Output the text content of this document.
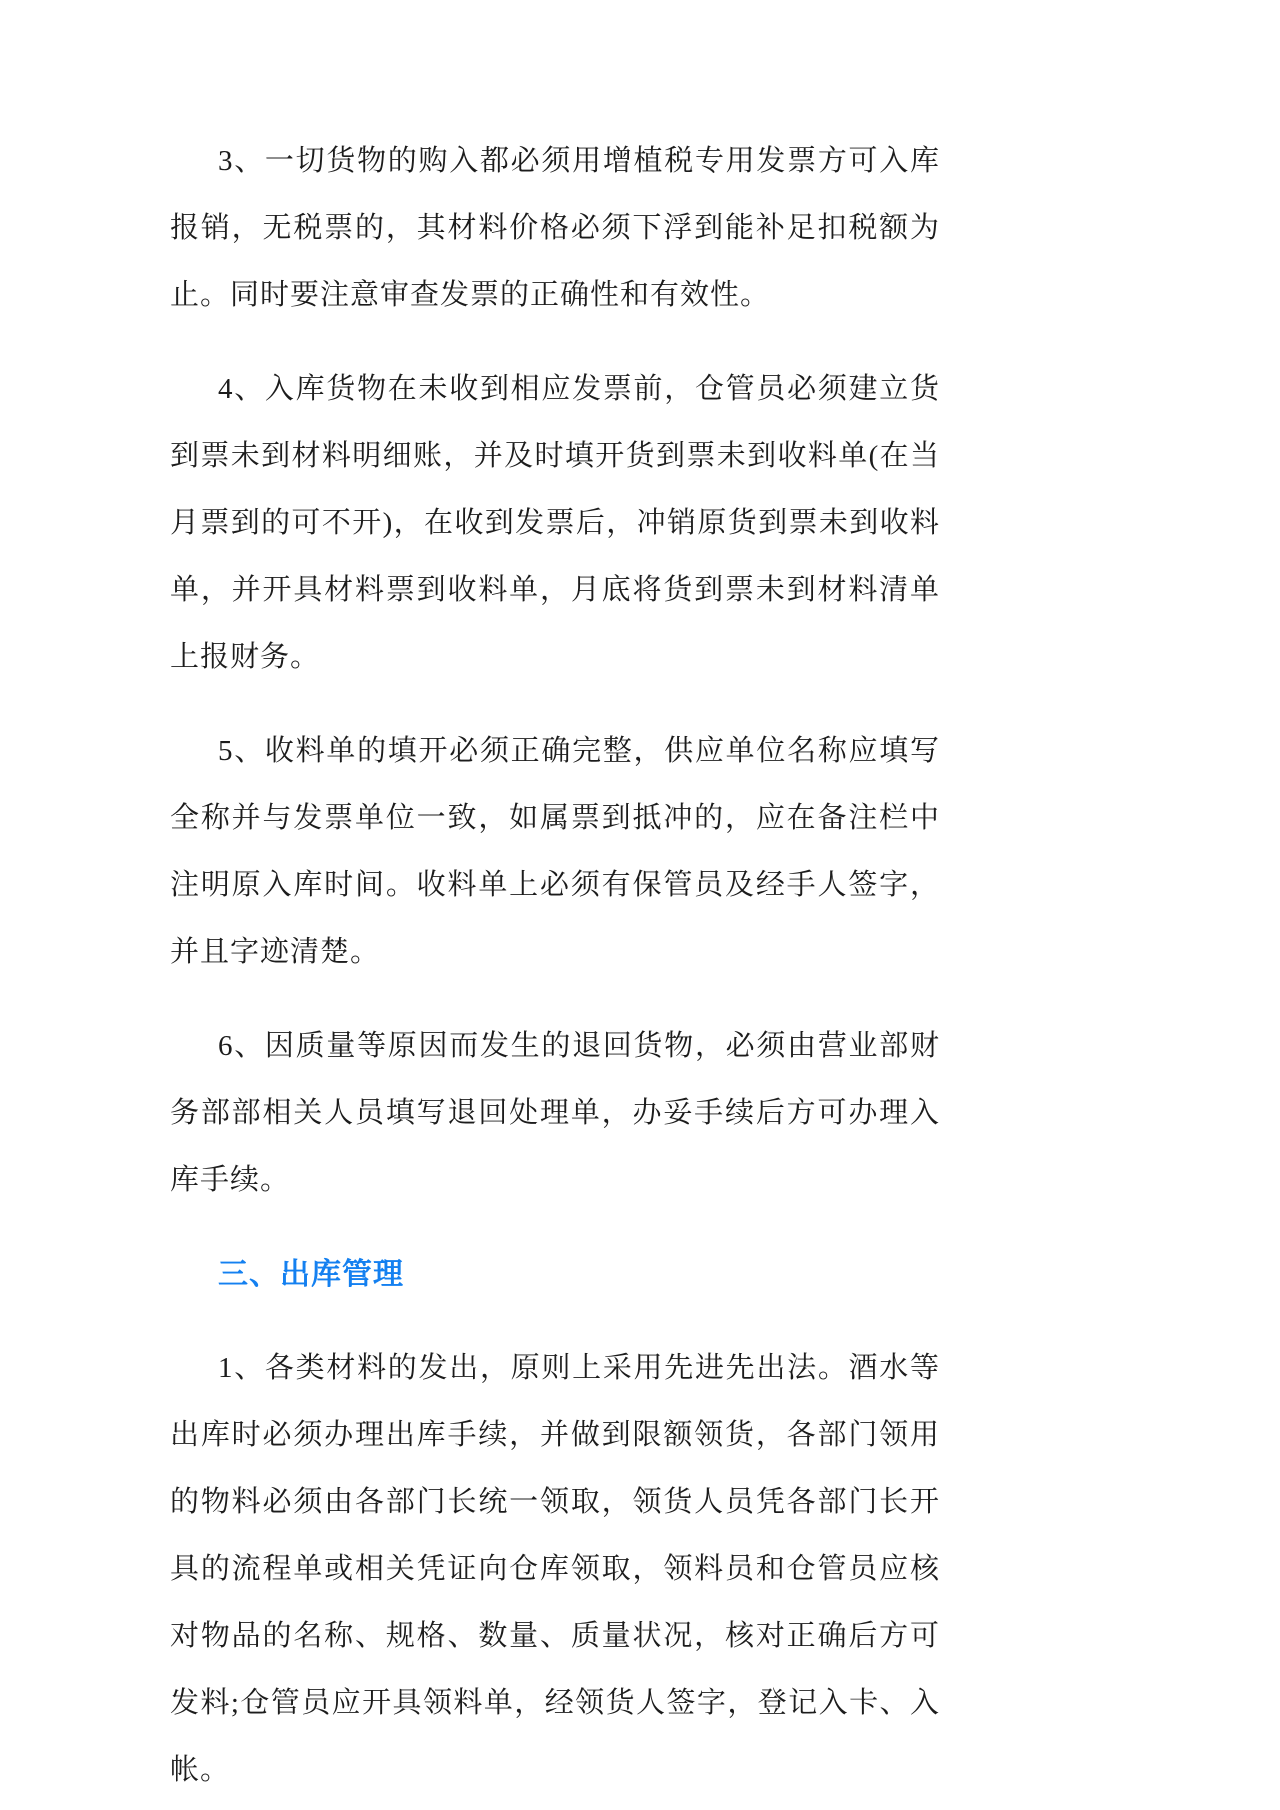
3、一切货物的购入都必须用增植税专用发票方可入库报销，无税票的，其材料价格必须下浮到能补足扣税额为止。同时要注意审查发票的正确性和有效性。

4、入库货物在未收到相应发票前，仓管员必须建立货到票未到材料明细账，并及时填开货到票未到收料单(在当月票到的可不开)，在收到发票后，冲销原货到票未到收料单，并开具材料票到收料单，月底将货到票未到材料清单上报财务。

5、收料单的填开必须正确完整，供应单位名称应填写全称并与发票单位一致，如属票到抵冲的，应在备注栏中注明原入库时间。收料单上必须有保管员及经手人签字，并且字迹清楚。

6、因质量等原因而发生的退回货物，必须由营业部财务部部相关人员填写退回处理单，办妥手续后方可办理入库手续。

三、出库管理

1、各类材料的发出，原则上采用先进先出法。酒水等出库时必须办理出库手续，并做到限额领货，各部门领用的物料必须由各部门长统一领取，领货人员凭各部门长开具的流程单或相关凭证向仓库领取，领料员和仓管员应核对物品的名称、规格、数量、质量状况，核对正确后方可发料;仓管员应开具领料单，经领货人签字，登记入卡、入帐。
